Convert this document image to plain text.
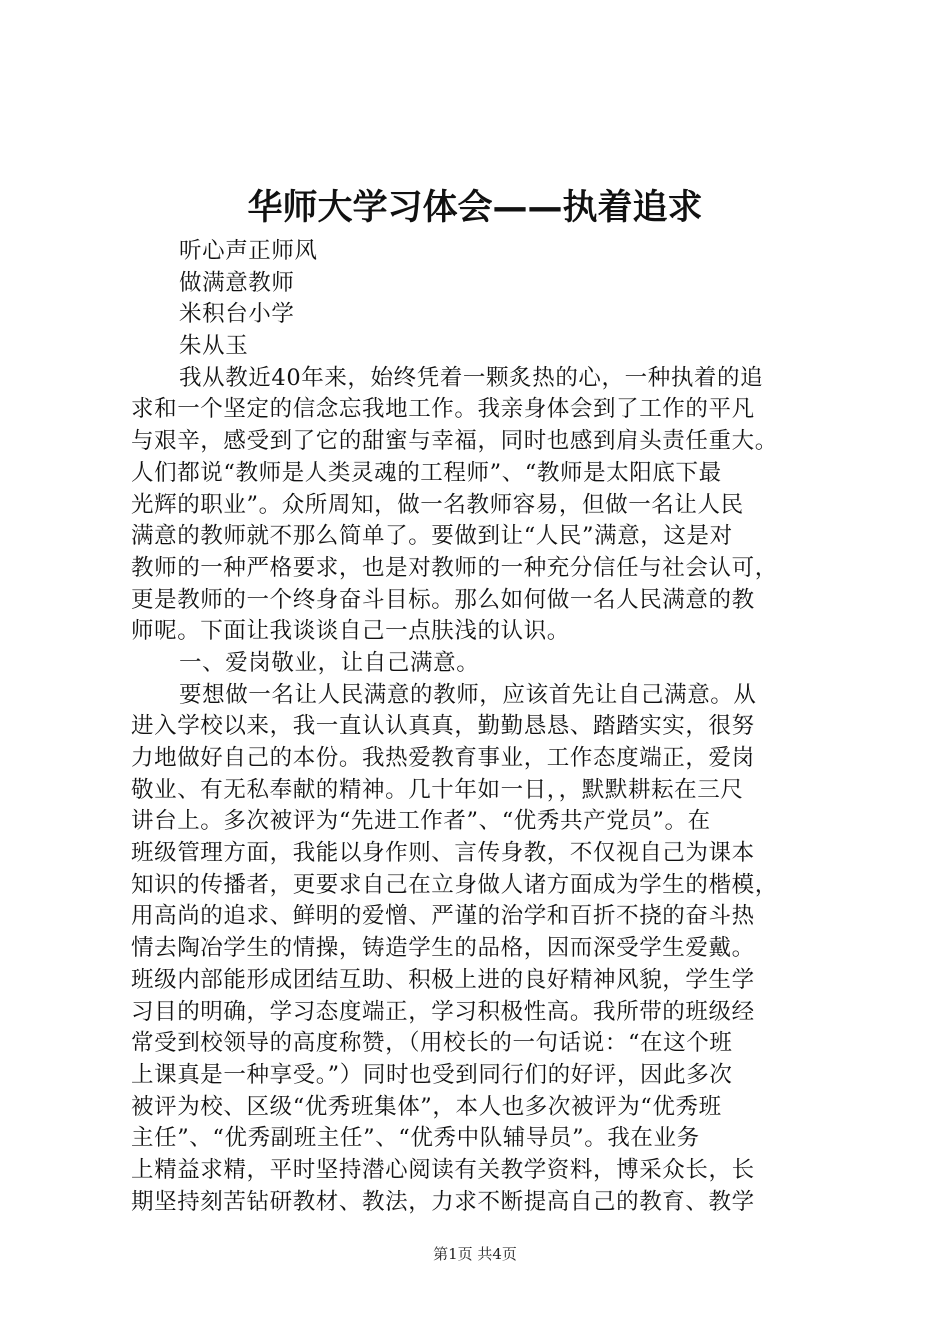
华师大学习体会——执着追求
听心声正师风
做满意教师
米积台小学
朱从玉
我从教近40年来，始终凭着一颗炙热的心，一种执着的追
求和一个坚定的信念忘我地工作。我亲身体会到了工作的平凡
与艰辛，感受到了它的甜蜜与幸福，同时也感到肩头责任重大。
人们都说“教师是人类灵魂的工程师”、“教师是太阳底下最
光辉的职业”。众所周知，做一名教师容易，但做一名让人民
满意的教师就不那么简单了。要做到让“人民”满意，这是对
教师的一种严格要求，也是对教师的一种充分信任与社会认可，
更是教师的一个终身奋斗目标。那么如何做一名人民满意的教
师呢。下面让我谈谈自己一点肤浅的认识。
一、爱岗敬业，让自己满意。
要想做一名让人民满意的教师，应该首先让自己满意。从
进入学校以来，我一直认认真真，勤勤恳恳、踏踏实实，很努
力地做好自己的本份。我热爱教育事业，工作态度端正，爱岗
敬业、有无私奉献的精神。几十年如一日，，默默耕耘在三尺
讲台上。多次被评为“先进工作者”、“优秀共产党员”。在
班级管理方面，我能以身作则、言传身教，不仅视自己为课本
知识的传播者，更要求自己在立身做人诸方面成为学生的楷模，
用高尚的追求、鲜明的爱憎、严谨的治学和百折不挠的奋斗热
情去陶冶学生的情操，铸造学生的品格，因而深受学生爱戴。
班级内部能形成团结互助、积极上进的良好精神风貌，学生学
习目的明确，学习态度端正，学习积极性高。我所带的班级经
常受到校领导的高度称赞，（用校长的一句话说：“在这个班
上课真是一种享受。”）同时也受到同行们的好评，因此多次
被评为校、区级“优秀班集体”，本人也多次被评为“优秀班
主任”、“优秀副班主任”、“优秀中队辅导员”。我在业务
上精益求精，平时坚持潜心阅读有关教学资料，博采众长，长
期坚持刻苦钻研教材、教法，力求不断提高自己的教育、教学
第1页 共4页
